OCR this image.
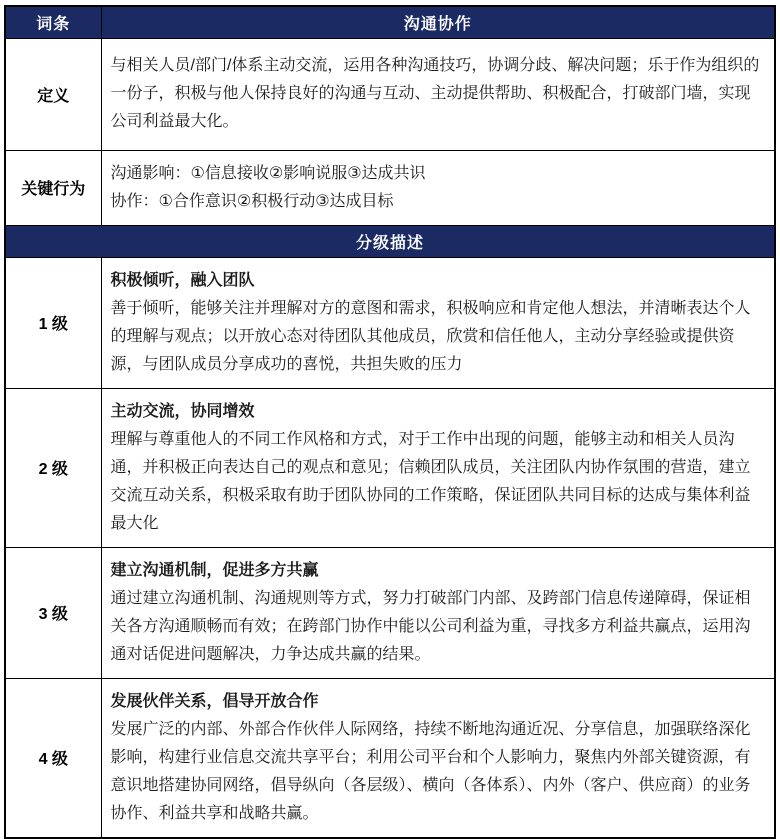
词条	沟通协作
定义	与相关人员/部门/体系主动交流，运用各种沟通技巧，协调分歧、解决问题；乐于作为组织的一份子，积极与他人保持良好的沟通与互动、主动提供帮助、积极配合，打破部门墙，实现公司利益最大化。
关键行为	沟通影响：①信息接收②影响说服③达成共识
协作：①合作意识②积极行动③达成目标

分级描述	
1 级	积极倾听，融入团队
善于倾听，能够关注并理解对方的意图和需求，积极响应和肯定他人想法，并清晰表达个人的理解与观点；以开放心态对待团队其他成员，欣赏和信任他人，主动分享经验或提供资源，与团队成员分享成功的喜悦，共担失败的压力

2 级	主动交流，协同增效
理解与尊重他人的不同工作风格和方式，对于工作中出现的问题，能够主动和相关人员沟通，并积极正向表达自己的观点和意见；信赖团队成员，关注团队内协作氛围的营造，建立交流互动关系，积极采取有助于团队协同的工作策略，保证团队共同目标的达成与集体利益最大化

3 级	建立沟通机制，促进多方共赢
通过建立沟通机制、沟通规则等方式，努力打破部门内部、及跨部门信息传递障碍，保证相关各方沟通顺畅而有效；在跨部门协作中能以公司利益为重，寻找多方利益共赢点，运用沟通对话促进问题解决，力争达成共赢的结果。

4 级	发展伙伴关系，倡导开放合作
发展广泛的内部、外部合作伙伴人际网络，持续不断地沟通近况、分享信息，加强联络深化影响，构建行业信息交流共享平台；利用公司平台和个人影响力，聚焦内外部关键资源，有意识地搭建协同网络，倡导纵向（各层级）、横向（各体系）、内外（客户、供应商）的业务协作、利益共享和战略共赢。
